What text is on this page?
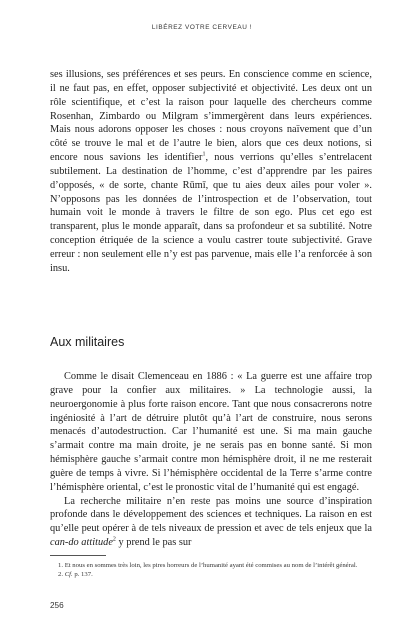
LIBÉREZ VOTRE CERVEAU !

ses illusions, ses préférences et ses peurs. En conscience comme en science, il ne faut pas, en effet, opposer subjectivité et objectivité. Les deux ont un rôle scientifique, et c’est la raison pour laquelle des chercheurs comme Rosenhan, Zimbardo ou Milgram s’immergèrent dans leurs expériences. Mais nous adorons opposer les choses : nous croyons naïvement que d’un côté se trouve le mal et de l’autre le bien, alors que ces deux notions, si encore nous savions les identifier$^1$, nous verrions qu’elles s’entrelacent subtilement. La destination de l’homme, c’est d’apprendre par les paires d’opposés, « de sorte, chante Rūmī, que tu aies deux ailes pour voler ». N’opposons pas les données de l’introspection et de l’observation, tout humain voit le monde à travers le filtre de son ego. Plus cet ego est transparent, plus le monde apparaît, dans sa profondeur et sa subtilité. Notre conception étriquée de la science a voulu castrer toute subjectivité. Grave erreur : non seulement elle n’y est pas parvenue, mais elle l’a renforcée à son insu.

Aux militaires

Comme le disait Clemenceau en 1886 : « La guerre est une affaire trop grave pour la confier aux militaires. » La technologie aussi, la neuroergonomie à plus forte raison encore. Tant que nous consacrerons notre ingéniosité à l’art de détruire plutôt qu’à l’art de construire, nous serons menacés d’autodestruction. Car l’humanité est une. Si ma main gauche s’armait contre ma main droite, je ne serais pas en bonne santé. Si mon hémisphère gauche s’armait contre mon hémisphère droit, il ne me resterait guère de temps à vivre. Si l’hémisphère occidental de la Terre s’arme contre l’hémisphère oriental, c’est le pronostic vital de l’humanité qui est engagé.

La recherche militaire n’en reste pas moins une source d’inspiration profonde dans le développement des sciences et techniques. La raison en est qu’elle peut opérer à de tels niveaux de pression et avec de tels enjeux que la can-do attitude$^2$ y prend le pas sur

1. Et nous en sommes très loin, les pires horreurs de l’humanité ayant été commises au nom de l’intérêt général.

2. Cf. p. 137.

256
